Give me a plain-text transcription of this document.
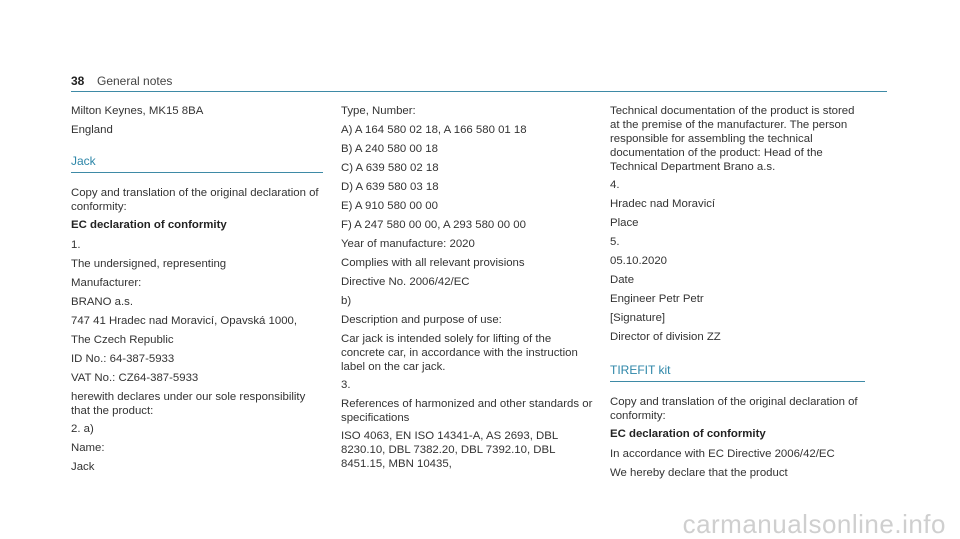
38 General notes

Milton Keynes, MK15 8BA

England

Jack

Copy and translation of the original declaration of conformity:

EC declaration of conformity

1.

The undersigned, representing

Manufacturer:

BRANO a.s.

747 41 Hradec nad Moravicí, Opavská 1000,

The Czech Republic

ID No.: 64-387-5933

VAT No.: CZ64-387-5933

herewith declares under our sole responsibility that the product:

2. a)

Name:

Jack

Type, Number:

A) A 164 580 02 18, A 166 580 01 18

B) A 240 580 00 18

C) A 639 580 02 18

D) A 639 580 03 18

E) A 910 580 00 00

F) A 247 580 00 00, A 293 580 00 00

Year of manufacture: 2020

Complies with all relevant provisions

Directive No. 2006/42/EC

b)

Description and purpose of use:

Car jack is intended solely for lifting of the concrete car, in accordance with the instruction label on the car jack.

3.

References of harmonized and other standards or specifications

ISO 4063, EN ISO 14341-A, AS 2693, DBL 8230.10, DBL 7382.20, DBL 7392.10, DBL 8451.15, MBN 10435,

Technical documentation of the product is stored at the premise of the manufacturer. The person responsible for assembling the technical documentation of the product: Head of the Technical Department Brano a.s.

4.

Hradec nad Moravicí

Place

5.

05.10.2020

Date

Engineer Petr Petr

[Signature]

Director of division ZZ

TIREFIT kit

Copy and translation of the original declaration of conformity:

EC declaration of conformity

In accordance with EC Directive 2006/42/EC

We hereby declare that the product

carmanualsonline.info
